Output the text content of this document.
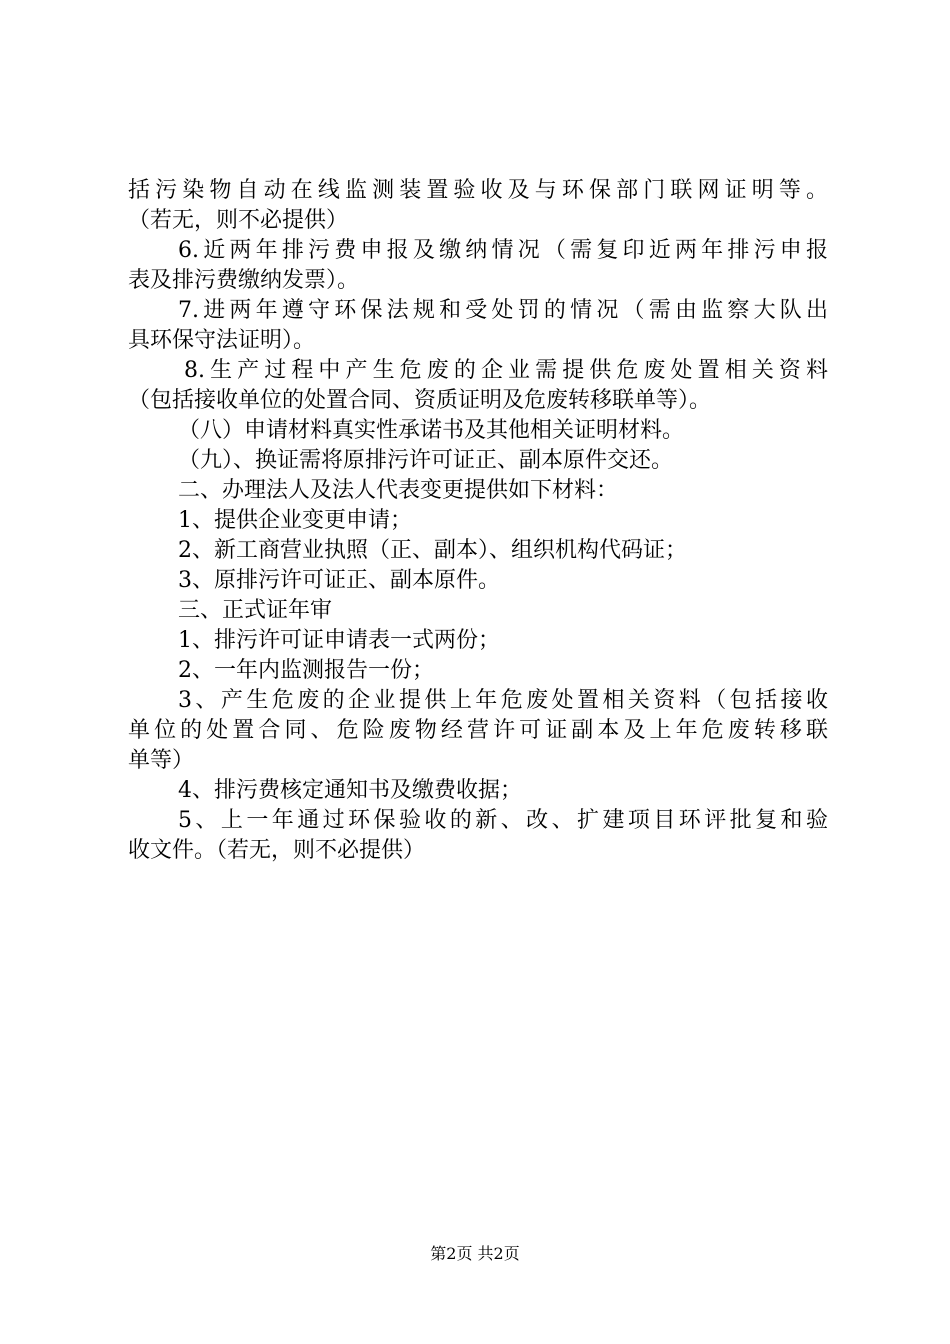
括污染物自动在线监测装置验收及与环保部门联网证明等。
（若无，则不必提供）
6.近两年排污费申报及缴纳情况（需复印近两年排污申报
表及排污费缴纳发票）。
7.进两年遵守环保法规和受处罚的情况（需由监察大队出
具环保守法证明）。
8.生产过程中产生危废的企业需提供危废处置相关资料
（包括接收单位的处置合同、资质证明及危废转移联单等）。
（八）申请材料真实性承诺书及其他相关证明材料。
（九）、换证需将原排污许可证正、副本原件交还。
二、办理法人及法人代表变更提供如下材料：
1、提供企业变更申请；
2、新工商营业执照（正、副本）、组织机构代码证；
3、原排污许可证正、副本原件。
三、正式证年审
1、排污许可证申请表一式两份；
2、一年内监测报告一份；
3、产生危废的企业提供上年危废处置相关资料（包括接收
单位的处置合同、危险废物经营许可证副本及上年危废转移联
单等）
4、排污费核定通知书及缴费收据；
5、上一年通过环保验收的新、改、扩建项目环评批复和验
收文件。（若无，则不必提供）
第2页 共2页
